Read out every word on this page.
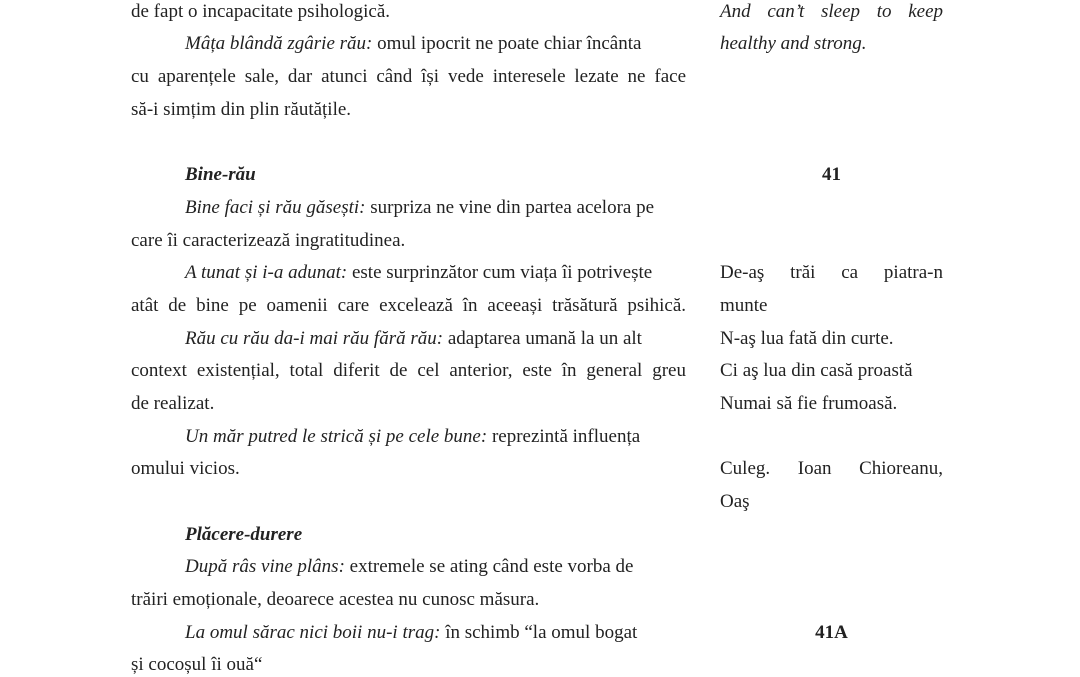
de fapt o incapacitate psihologică.
Mâța blândă zgârie rău: omul ipocrit ne poate chiar încânta
cu aparențele sale, dar atunci când își vede interesele lezate ne face
să-i simțim din plin răutățile.
Bine-rău
Bine faci și rău găsești: surpriza ne vine din partea acelora pe
care îi caracterizează ingratitudinea.
A tunat și i-a adunat: este surprinzător cum viața îi potrivește
atât de bine pe oamenii care excelează în aceeași trăsătură psihică.
Rău cu rău da-i mai rău fără rău: adaptarea umană la un alt
context existențial, total diferit de cel anterior, este în general greu
de realizat.
Un măr putred le strică și pe cele bune: reprezintă influența
omului vicios.
Plăcere-durere
După râs vine plâns: extremele se ating când este vorba de
trăiri emoționale, deoarece acestea nu cunosc măsura.
La omul sărac nici boii nu-i trag: în schimb “la omul bogat
și cocoșul îi ouă“
And can’t sleep to keep
healthy and strong.
41
De-aş trăi ca piatra-n
munte
N-aş lua fată din curte.
Ci aş lua din casă proastă
Numai să fie frumoasă.
Culeg. Ioan Chioreanu,
Oaş
41A
